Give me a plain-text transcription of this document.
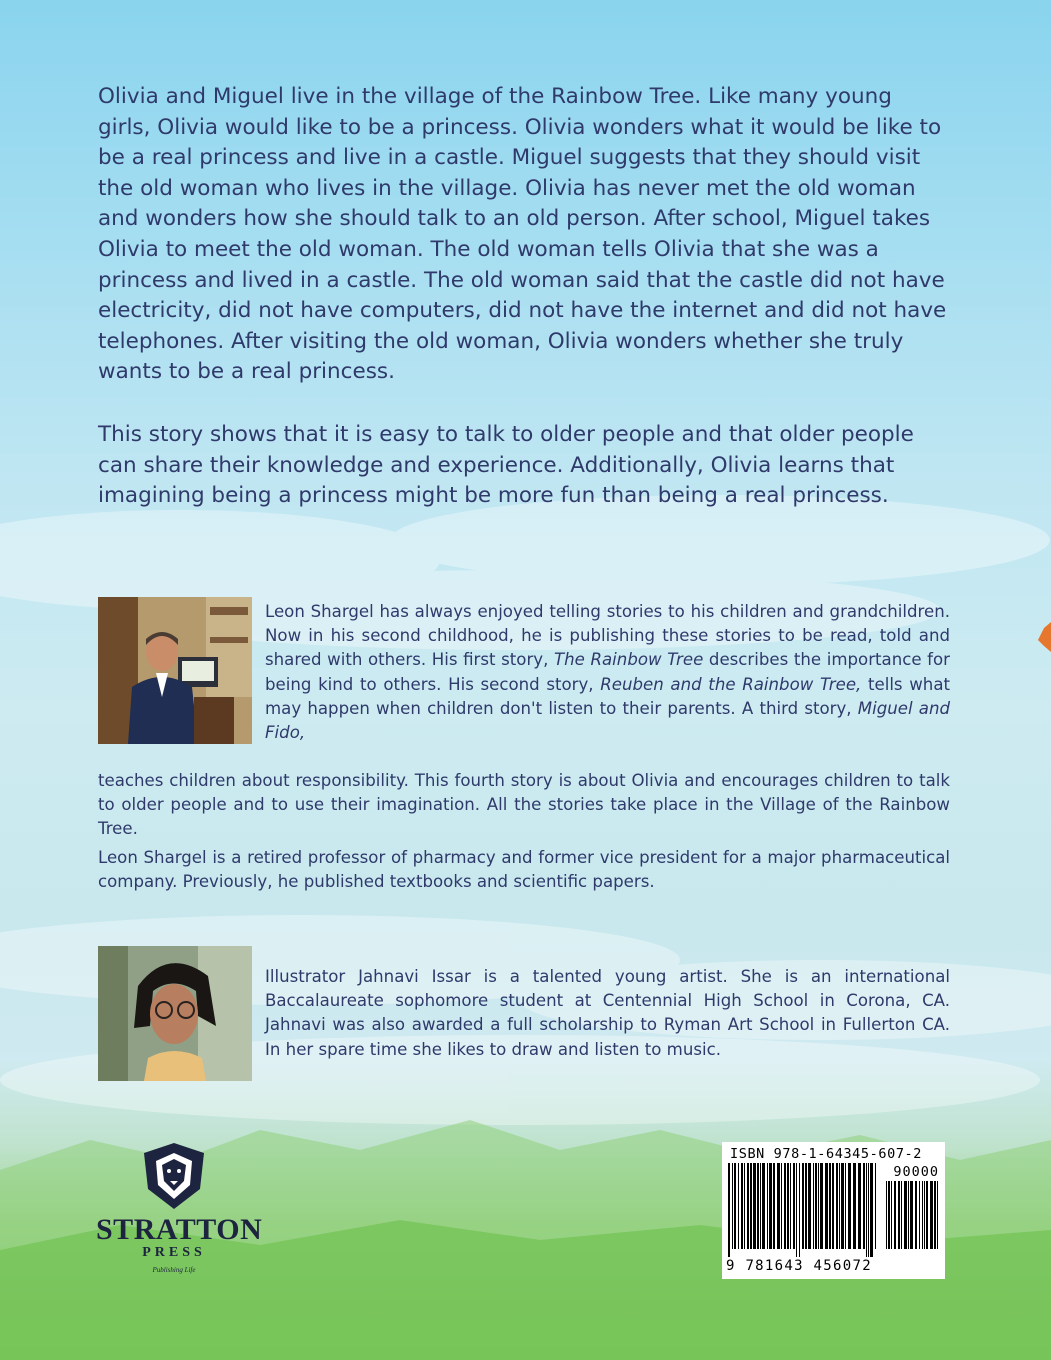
Olivia and Miguel live in the village of the Rainbow Tree. Like many young girls, Olivia would like to be a princess. Olivia wonders what it would be like to be a real princess and live in a castle. Miguel suggests that they should visit the old woman who lives in the village. Olivia has never met the old woman and wonders how she should talk to an old person. After school, Miguel takes Olivia to meet the old woman. The old woman tells Olivia that she was a princess and lived in a castle. The old woman said that the castle did not have electricity, did not have computers, did not have the internet and did not have telephones. After visiting the old woman, Olivia wonders whether she truly wants to be a real princess.

This story shows that it is easy to talk to older people and that older people can share their knowledge and experience. Additionally, Olivia learns that imagining being a princess might be more fun than being a real princess.

Leon Shargel has always enjoyed telling stories to his children and grandchildren. Now in his second childhood, he is publishing these stories to be read, told and shared with others. His first story, The Rainbow Tree describes the importance for being kind to others. His second story, Reuben and the Rainbow Tree, tells what may happen when children don't listen to their parents. A third story, Miguel and Fido,

teaches children about responsibility. This fourth story is about Olivia and encourages children to talk to older people and to use their imagination. All the stories take place in the Village of the Rainbow Tree.

Leon Shargel is a retired professor of pharmacy and former vice president for a major pharmaceutical company. Previously, he published textbooks and scientific papers.

Illustrator Jahnavi Issar is a talented young artist. She is an international Baccalaureate sophomore student at Centennial High School in Corona, CA. Jahnavi was also awarded a full scholarship to Ryman Art School in Fullerton CA. In her spare time she likes to draw and listen to music.

STRATTON
PRESS
Publishing Life
ISBN 978-1-64345-607-2
90000
9 781643 456072
